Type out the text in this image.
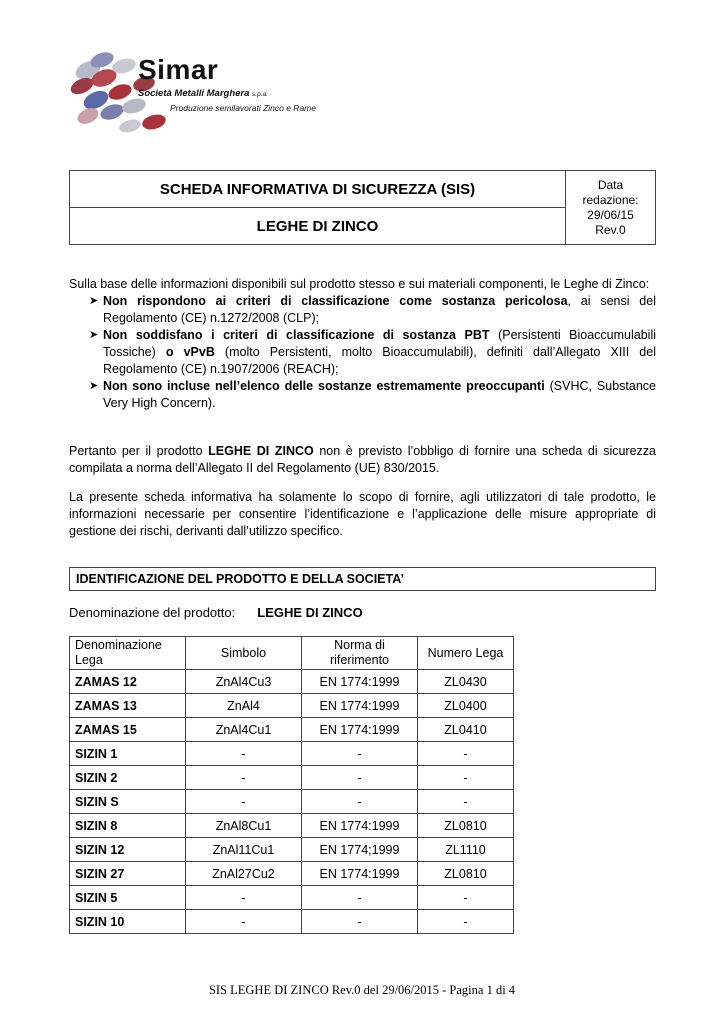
Simar
Società Metalli Marghera s.p.a.
Produzione semilavorati Zinco e Rame
SCHEDA INFORMATIVA DI SICUREZZA (SIS)
LEGHE DI ZINCO
Data
redazione:
29/06/15
Rev.0
Sulla base delle informazioni disponibili sul prodotto stesso e sui materiali componenti, le Leghe di Zinco:
➤ Non rispondono ai criteri di classificazione come sostanza pericolosa, ai sensi del Regolamento (CE) n.1272/2008 (CLP);
➤ Non soddisfano i criteri di classificazione di sostanza PBT (Persistenti Bioaccumulabili Tossiche) o vPvB (molto Persistenti, molto Bioaccumulabili), definiti dall’Allegato XIII del Regolamento (CE) n.1907/2006 (REACH);
➤ Non sono incluse nell’elenco delle sostanze estremamente preoccupanti (SVHC, Substance Very High Concern).
Pertanto per il prodotto LEGHE DI ZINCO non è previsto l’obbligo di fornire una scheda di sicurezza compilata a norma dell’Allegato II del Regolamento (UE) 830/2015.
La presente scheda informativa ha solamente lo scopo di fornire, agli utilizzatori di tale prodotto, le informazioni necessarie per consentire l’identificazione e l’applicazione delle misure appropriate di gestione dei rischi, derivanti dall’utilizzo specifico.
IDENTIFICAZIONE DEL PRODOTTO E DELLA SOCIETA’
Denominazione del prodotto: LEGHE DI ZINCO
Denominazione Lega	Simbolo	Norma di riferimento	Numero Lega
ZAMAS 12	ZnAl4Cu3	EN 1774:1999	ZL0430
ZAMAS 13	ZnAl4	EN 1774:1999	ZL0400
ZAMAS 15	ZnAl4Cu1	EN 1774:1999	ZL0410
SIZIN 1	-	-	-
SIZIN 2	-	-	-
SIZIN S	-	-	-
SIZIN 8	ZnAl8Cu1	EN 1774:1999	ZL0810
SIZIN 12	ZnAl11Cu1	EN 1774;1999	ZL1110
SIZIN 27	ZnAl27Cu2	EN 1774:1999	ZL0810
SIZIN 5	-	-	-
SIZIN 10	-	-	-
SIS LEGHE DI ZINCO Rev.0 del 29/06/2015 - Pagina 1 di 4
